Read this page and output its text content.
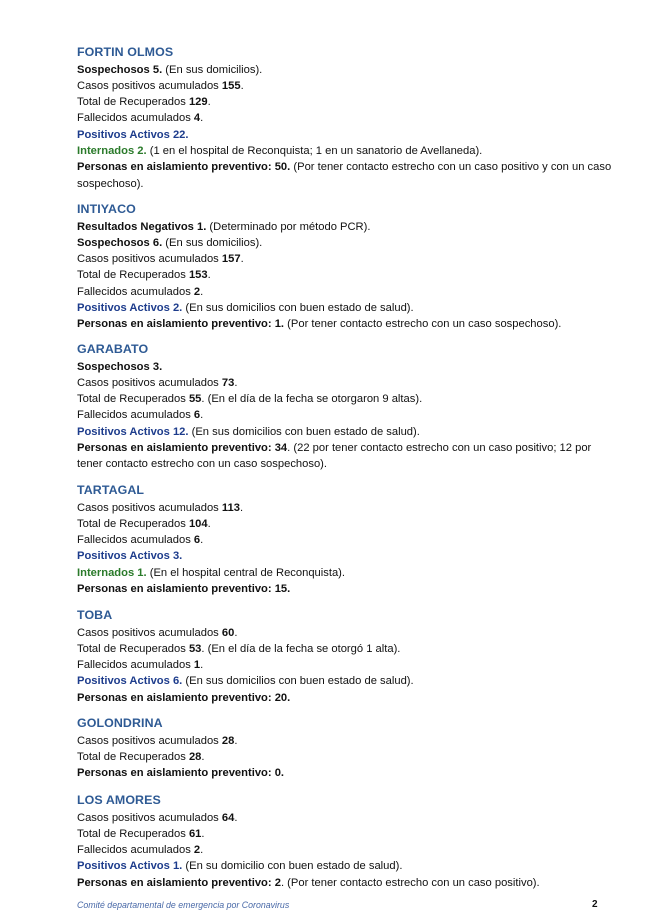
FORTIN OLMOS
Sospechosos 5. (En sus domicilios).
Casos positivos acumulados 155.
Total de Recuperados 129.
Fallecidos acumulados 4.
Positivos Activos 22.
Internados 2. (1 en el hospital de Reconquista; 1 en un sanatorio de Avellaneda).
Personas en aislamiento preventivo: 50. (Por tener contacto estrecho con un caso positivo y con un caso sospechoso).
INTIYACO
Resultados Negativos 1. (Determinado por método PCR).
Sospechosos 6. (En sus domicilios).
Casos positivos acumulados 157.
Total de Recuperados 153.
Fallecidos acumulados 2.
Positivos Activos 2. (En sus domicilios con buen estado de salud).
Personas en aislamiento preventivo: 1. (Por tener contacto estrecho con un caso sospechoso).
GARABATO
Sospechosos 3.
Casos positivos acumulados 73.
Total de Recuperados 55. (En el día de la fecha se otorgaron 9 altas).
Fallecidos acumulados 6.
Positivos Activos 12. (En sus domicilios con buen estado de salud).
Personas en aislamiento preventivo: 34. (22 por tener contacto estrecho con un caso positivo; 12 por tener contacto estrecho con un caso sospechoso).
TARTAGAL
Casos positivos acumulados 113.
Total de Recuperados 104.
Fallecidos acumulados 6.
Positivos Activos 3.
Internados 1. (En el hospital central de Reconquista).
Personas en aislamiento preventivo: 15.
TOBA
Casos positivos acumulados 60.
Total de Recuperados 53. (En el día de la fecha se otorgó 1 alta).
Fallecidos acumulados 1.
Positivos Activos 6. (En sus domicilios con buen estado de salud).
Personas en aislamiento preventivo: 20.
GOLONDRINA
Casos positivos acumulados 28.
Total de Recuperados 28.
Personas en aislamiento preventivo: 0.
LOS AMORES
Casos positivos acumulados 64.
Total de Recuperados 61.
Fallecidos acumulados 2.
Positivos Activos 1. (En su domicilio con buen estado de salud).
Personas en aislamiento preventivo: 2. (Por tener contacto estrecho con un caso positivo).
Comité departamental de emergencia por Coronavirus	2
